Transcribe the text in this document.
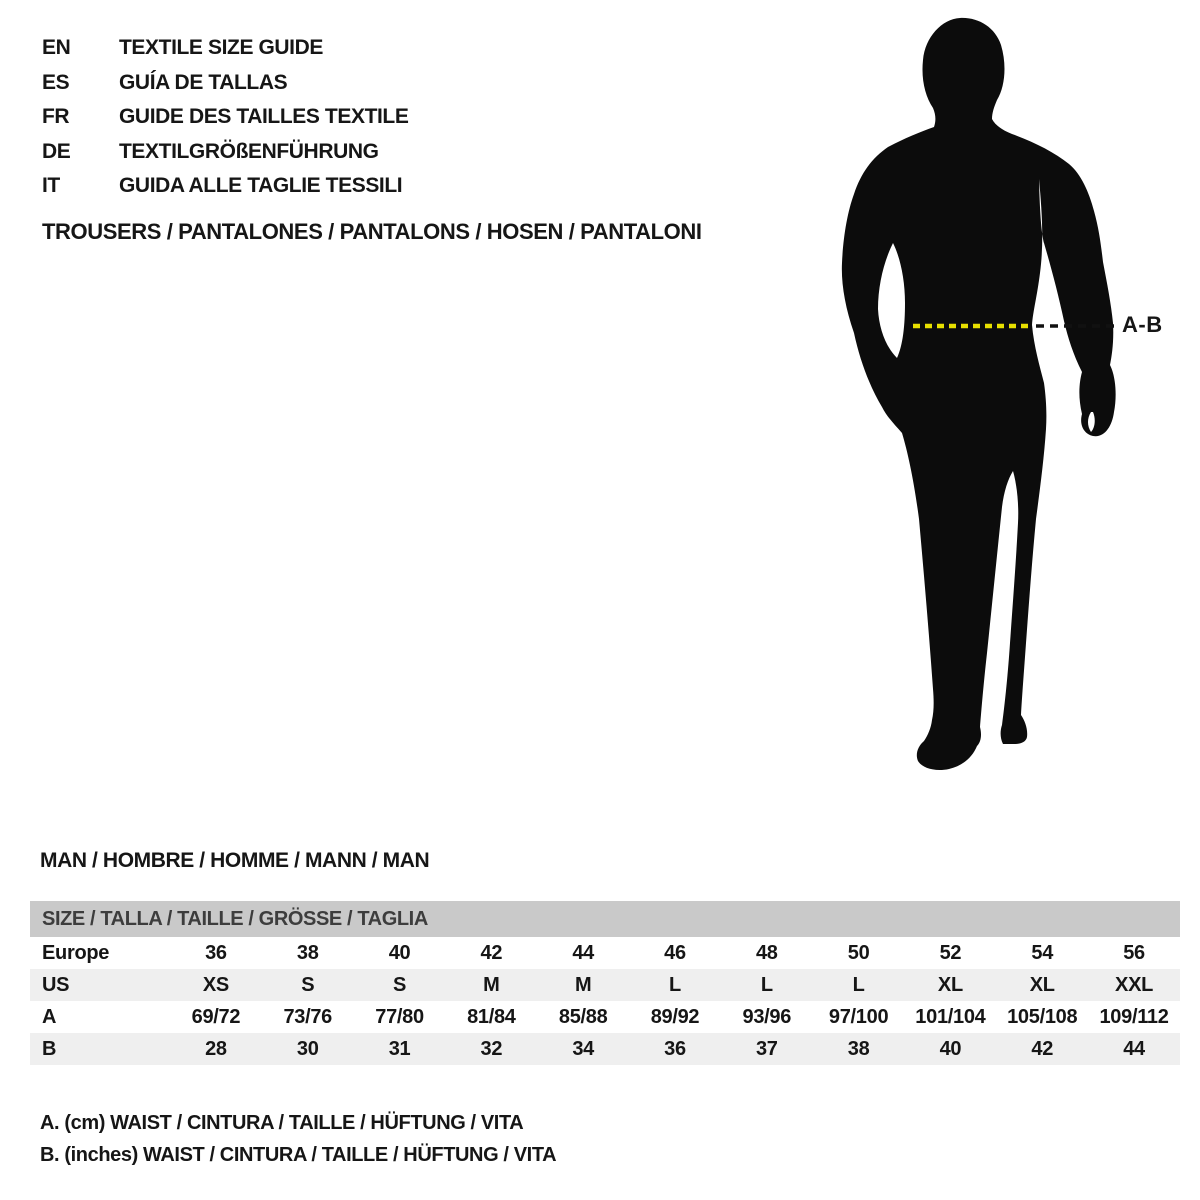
EN	TEXTILE SIZE GUIDE
ES	GUÍA DE TALLAS
FR	GUIDE DES TAILLES TEXTILE
DE	TEXTILGRÖßENFÜHRUNG
IT	GUIDA ALLE TAGLIE TESSILI
TROUSERS / PANTALONES / PANTALONS / HOSEN / PANTALONI
A-B
MAN / HOMBRE / HOMME / MANN / MAN
SIZE / TALLA / TAILLE / GRÖSSE / TAGLIA
Europe	36	38	40	42	44	46	48	50	52	54	56
US	XS	S	S	M	M	L	L	L	XL	XL	XXL
A	69/72	73/76	77/80	81/84	85/88	89/92	93/96	97/100	101/104	105/108	109/112
B	28	30	31	32	34	36	37	38	40	42	44
A. (cm) WAIST / CINTURA / TAILLE / HÜFTUNG / VITA
B. (inches) WAIST / CINTURA / TAILLE / HÜFTUNG / VITA
